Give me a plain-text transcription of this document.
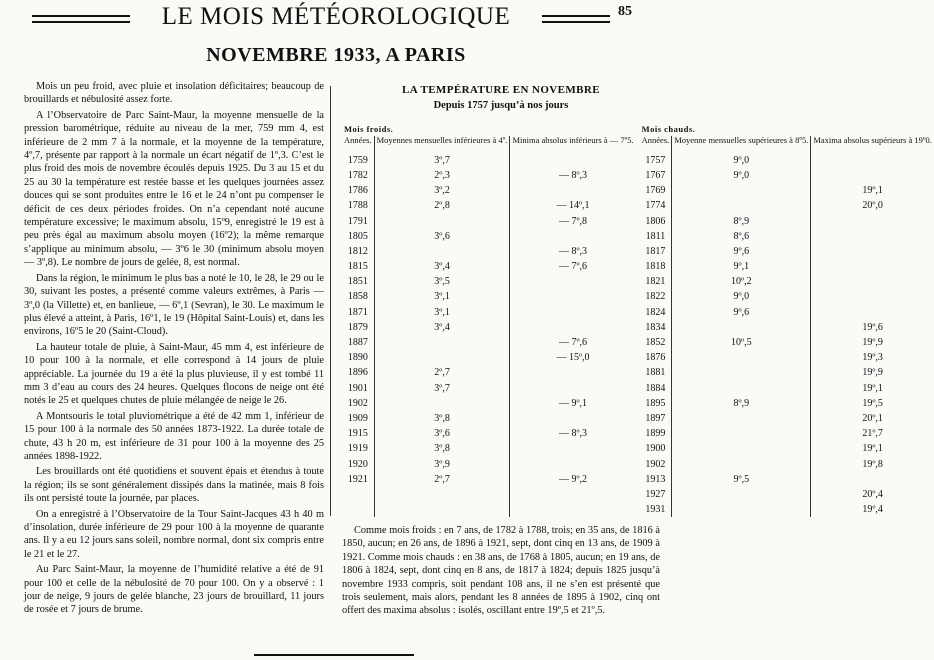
LE MOIS MÉTÉOROLOGIQUE	85
NOVEMBRE 1933, A PARIS

Mois un peu froid, avec pluie et insolation déficitaires; beaucoup de brouillards et nébulosité assez forte.

A l’Observatoire de Parc Saint-Maur, la moyenne mensuelle de la pression barométrique, réduite au niveau de la mer, 759 mm 4, est inférieure de 2 mm 7 à la normale, et la moyenne de la température, 4º,7, présente par rapport à la normale un écart négatif de 1º,3. C’est le plus froid des mois de novembre écoulés depuis 1925. Du 3 au 15 et du 25 au 30 la température est restée basse et les quelques journées assez douces qui se sont produites entre le 16 et le 24 n’ont pu compenser le déficit de ces deux périodes froides. On n’a cependant noté aucune température excessive; le maximum absolu, 15º9, enregistré le 19 est à peu près égal au maximum absolu moyen (16º2); la même remarque s’applique au minimum absolu, — 3º6 le 30 (minimum absolu moyen — 3º,8). Le nombre de jours de gelée, 8, est normal.

Dans la région, le minimum le plus bas a noté le 10, le 28, le 29 ou le 30, suivant les postes, a présenté comme valeurs extrêmes, à Paris — 3º,0 (la Villette) et, en banlieue, — 6º,1 (Sevran), le 30. Le maximum le plus élevé a atteint, à Paris, 16º1, le 19 (Hôpital Saint-Louis) et, dans les environs, 16º5 le 20 (Saint-Cloud).

La hauteur totale de pluie, à Saint-Maur, 45 mm 4, est inférieure de 10 pour 100 à la normale, et elle correspond à 14 jours de pluie appréciable. La journée du 19 a été la plus pluvieuse, il y est tombé 11 mm 3 d’eau au cours des 24 heures. Quelques flocons de neige ont été notés le 25 et quelques chutes de pluie mélangée de neige le 26.

A Montsouris le total pluviométrique a été de 42 mm 1, inférieur de 15 pour 100 à la normale des 50 années 1873-1922. La durée totale de chute, 43 h 20 m, est inférieure de 31 pour 100 à la moyenne des 25 années 1898-1922.

Les brouillards ont été quotidiens et souvent épais et étendus à toute la région; ils se sont généralement dissipés dans la matinée, mais 8 fois ils ont persisté toute la journée, par places.

On a enregistré à l’Observatoire de la Tour Saint-Jacques 43 h 40 m d’insolation, durée inférieure de 29 pour 100 à la moyenne de quarante ans. Il y a eu 12 jours sans soleil, nombre normal, dont six compris entre le 21 et le 27.

Au Parc Saint-Maur, la moyenne de l’humidité relative a été de 91 pour 100 et celle de la nébulosité de 70 pour 100. On y a observé : 1 jour de neige, 9 jours de gelée blanche, 23 jours de brouillard, 11 jours de rosée et 7 jours de brume.

LA TEMPÉRATURE EN NOVEMBRE
Depuis 1757 jusqu’à nos jours
Mois froids.				Mois chauds.		
Années.	Moyennes mensuelles inférieures à 4º.	Minima absolus inférieurs à — 7º5.		Années.	Moyenne mensuelles supérieures à 8º5.	Maxima absolus supérieurs à 19º0.
1759	3º,7			1757	9º,0	
1782	2º,3	— 8º,3		1767	9º,0	
1786	3º,2			1769		19º,1
1788	2º,8	— 14º,1		1774		20º,0
1791		— 7º,8		1806	8º,9	
1805	3º,6			1811	8º,6	
1812		— 8º,3		1817	9º,6	
1815	3º,4	— 7º,6		1818	9º,1	
1851	3º,5			1821	10º,2	
1858	3º,1			1822	9º,0	
1871	3º,1			1824	9º,6	
1879	3º,4			1834		19º,6
1887		— 7º,6		1852	10º,5	19º,9
1890		— 15º,0		1876		19º,3
1896	2º,7			1881		19º,9
1901	3º,7			1884		19º,1
1902		— 9º,1		1895	8º,9	19º,5
1909	3º,8			1897		20º,1
1915	3º,6	— 8º,3		1899		21º,7
1919	3º,8			1900		19º,1
1920	3º,9			1902		19º,8
1921	2º,7	— 9º,2		1913	9º,5	
				1927		20º,4
				1931		19º,4

Comme mois froids : en 7 ans, de 1782 à 1788, trois; en 35 ans, de 1816 à 1850, aucun; en 26 ans, de 1896 à 1921, sept, dont cinq en 13 ans, de 1909 à 1921. Comme mois chauds : en 38 ans, de 1768 à 1805, aucun; en 19 ans, de 1806 à 1824, sept, dont cinq en 8 ans, de 1817 à 1824; depuis 1825 jusqu’à novembre 1933 compris, soit pendant 108 ans, il ne s’en est présenté que trois seulement, mais alors, pendant les 8 années de 1895 à 1902, cinq ont offert des maxima absolus : isolés, oscillant entre 19º,5 et 21º,5.
